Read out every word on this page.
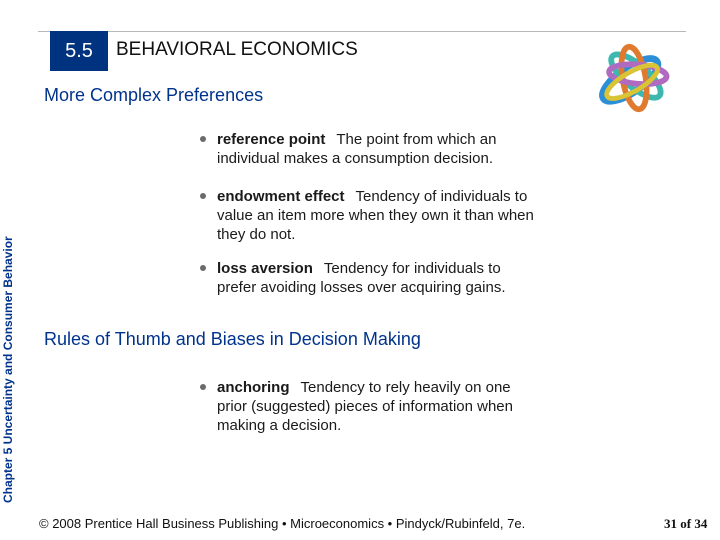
5.5 BEHAVIORAL ECONOMICS
More Complex Preferences
Chapter 5 Uncertainty and Consumer Behavior
reference point The point from which an individual makes a consumption decision.
endowment effect Tendency of individuals to value an item more when they own it than when they do not.
loss aversion Tendency for individuals to prefer avoiding losses over acquiring gains.
Rules of Thumb and Biases in Decision Making
anchoring Tendency to rely heavily on one prior (suggested) pieces of information when making a decision.
© 2008 Prentice Hall Business Publishing • Microeconomics • Pindyck/Rubinfeld, 7e.	31 of 34
